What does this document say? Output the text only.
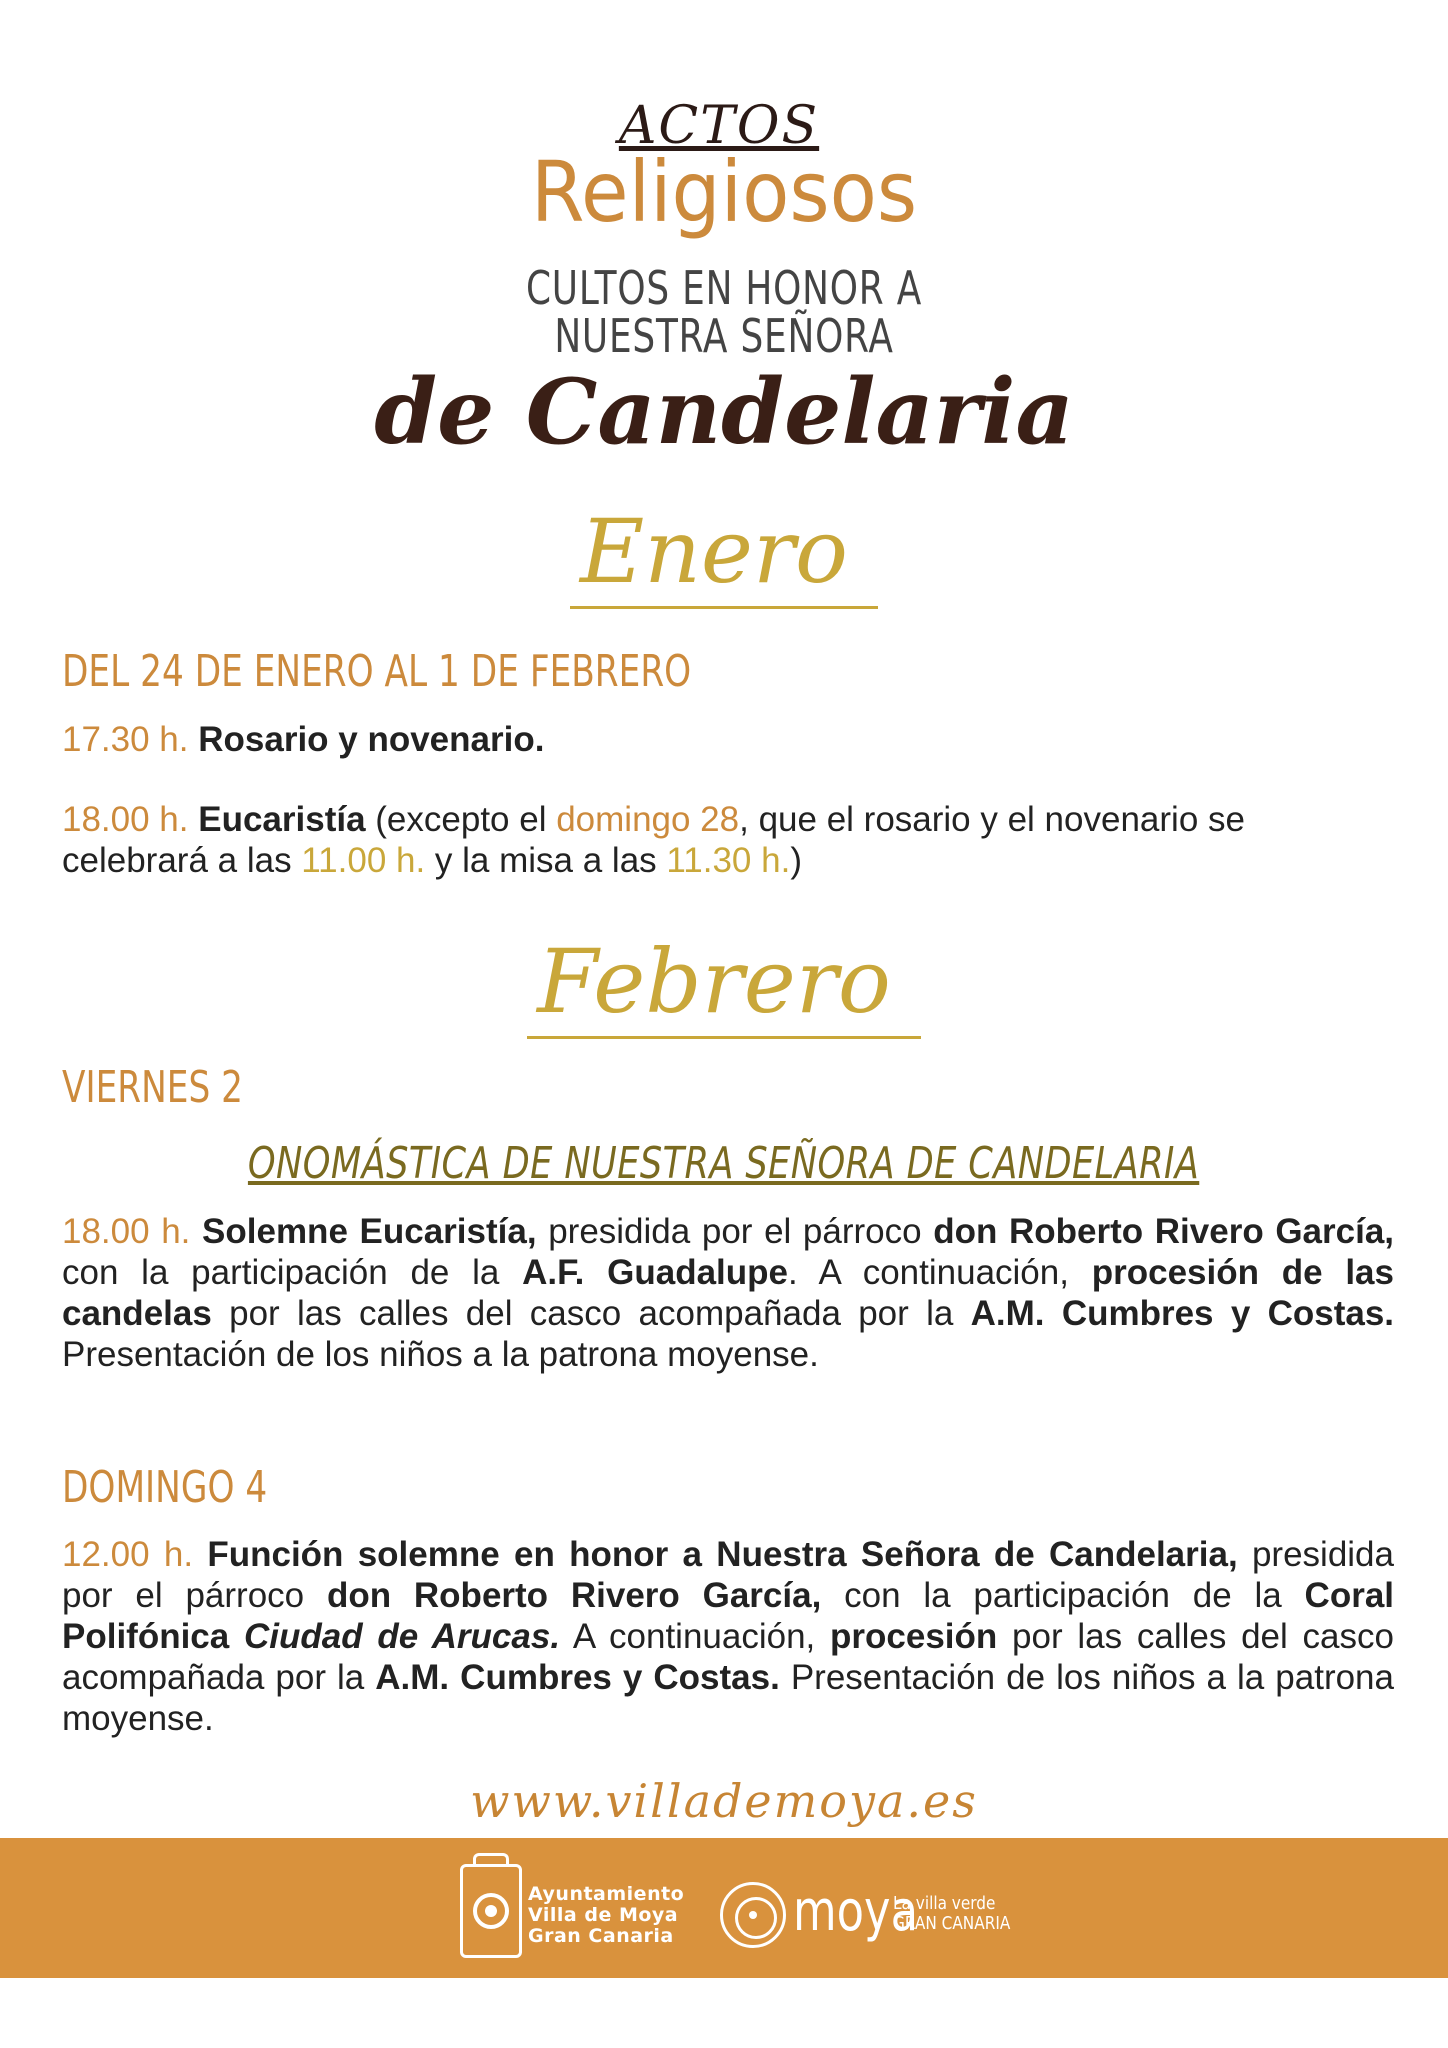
ACTOS
Religiosos
CULTOS EN HONOR A
NUESTRA SEÑORA
de Candelaria
Enero
DEL 24 DE ENERO AL 1 DE FEBRERO
17.30 h. Rosario y novenario.
18.00 h. Eucaristía (excepto el domingo 28, que el rosario y el novenario se celebrará a las 11.00 h. y la misa a las 11.30 h.)
Febrero
VIERNES 2
ONOMÁSTICA DE NUESTRA SEÑORA DE CANDELARIA
18.00 h. Solemne Eucaristía, presidida por el párroco don Roberto Rivero García, con la participación de la A.F. Guadalupe. A continuación, procesión de las candelas por las calles del casco acompañada por la A.M. Cumbres y Costas. Presentación de los niños a la patrona moyense.
DOMINGO 4
12.00 h. Función solemne en honor a Nuestra Señora de Candelaria, presidida por el párroco don Roberto Rivero García, con la participación de la Coral Polifónica Ciudad de Arucas. A continuación, procesión por las calles del casco acompañada por la A.M. Cumbres y Costas. Presentación de los niños a la patrona moyense.
www.villademoya.es
Ayuntamiento
Villa de Moya
Gran Canaria moya
La villa verde
GRAN CANARIA
